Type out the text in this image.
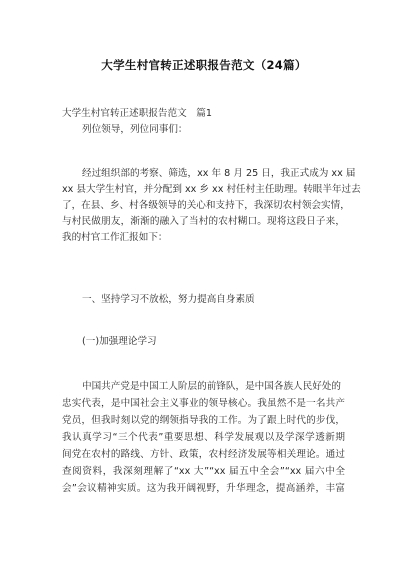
大学生村官转正述职报告范文（24篇）
大学生村官转正述职报告范文　篇1
列位领导，列位同事们：
经过组织部的考察、筛选，xx 年 8 月 25 日，我正式成为 xx 届
xx 县大学生村官，并分配到 xx 乡 xx 村任村主任助理。转眼半年过去
了，在县、乡、村各级领导的关心和支持下，我深切农村领会实情，
与村民做朋友，渐渐的融入了当村的农村糊口。现将这段日子来，
我的村官工作汇报如下：
一、坚持学习不放松，努力提高自身素质
(一)加强理论学习
中国共产党是中国工人阶层的前锋队，是中国各族人民好处的
忠实代表，是中国社会主义事业的领导核心。我虽然不是一名共产
党员，但我时刻以党的纲领指导我的工作。为了跟上时代的步伐，
我认真学习“三个代表”重要思想、科学发展观以及学深学透新期
间党在农村的路线、方针、政策，农村经济发展等相关理论。通过
查阅资料，我深刻理解了“xx 大”“xx 届五中全会”“xx 届六中全
会”会议精神实质。这为我开阔视野，升华理念，提高涵养，丰富
